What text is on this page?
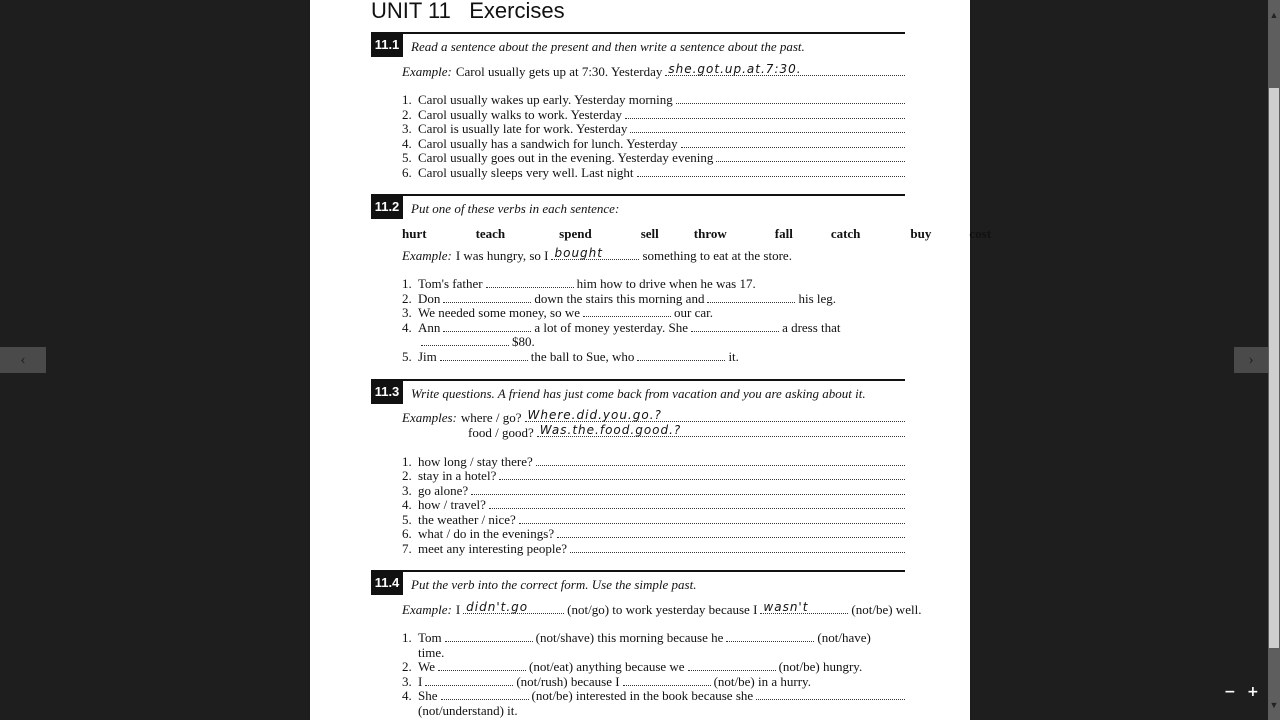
UNIT 11   Exercises
11.1 Read a sentence about the present and then write a sentence about the past.
Example: Carol usually gets up at 7:30. Yesterday she.got.up.at.7:30.
1. Carol usually wakes up early. Yesterday morning
2. Carol usually walks to work. Yesterday
3. Carol is usually late for work. Yesterday
4. Carol usually has a sandwich for lunch. Yesterday
5. Carol usually goes out in the evening. Yesterday evening
6. Carol usually sleeps very well. Last night
11.2 Put one of these verbs in each sentence:
hurt	teach	spend	sell	throw	fall	catch	buy	cost
Example: I was hungry, so I bought	something to eat at the store.
1. Tom's father	him how to drive when he was 17.
2. Don	down the stairs this morning and	his leg.
3. We needed some money, so we	our car.
4. Ann	a lot of money yesterday. She	a dress that
$80.
5. Jim	the ball to Sue, who	it.
11.3 Write questions. A friend has just come back from vacation and you are asking about it.
Examples: where / go? Where.did.you.go.?
food / good? Was.the.food.good.?
1. how long / stay there?
2. stay in a hotel?
3. go alone?
4. how / travel?
5. the weather / nice?
6. what / do in the evenings?
7. meet any interesting people?
11.4 Put the verb into the correct form. Use the simple past.
Example: I didn't.go	(not/go) to work yesterday because I wasn't	(not/be) well.
1. Tom	(not/shave) this morning because he	(not/have)
time.
2. We	(not/eat) anything because we	(not/be) hungry.
3. I	(not/rush) because I	(not/be) in a hurry.
4. She	(not/be) interested in the book because she
(not/understand) it.
‹	›
− +
▲
▼
